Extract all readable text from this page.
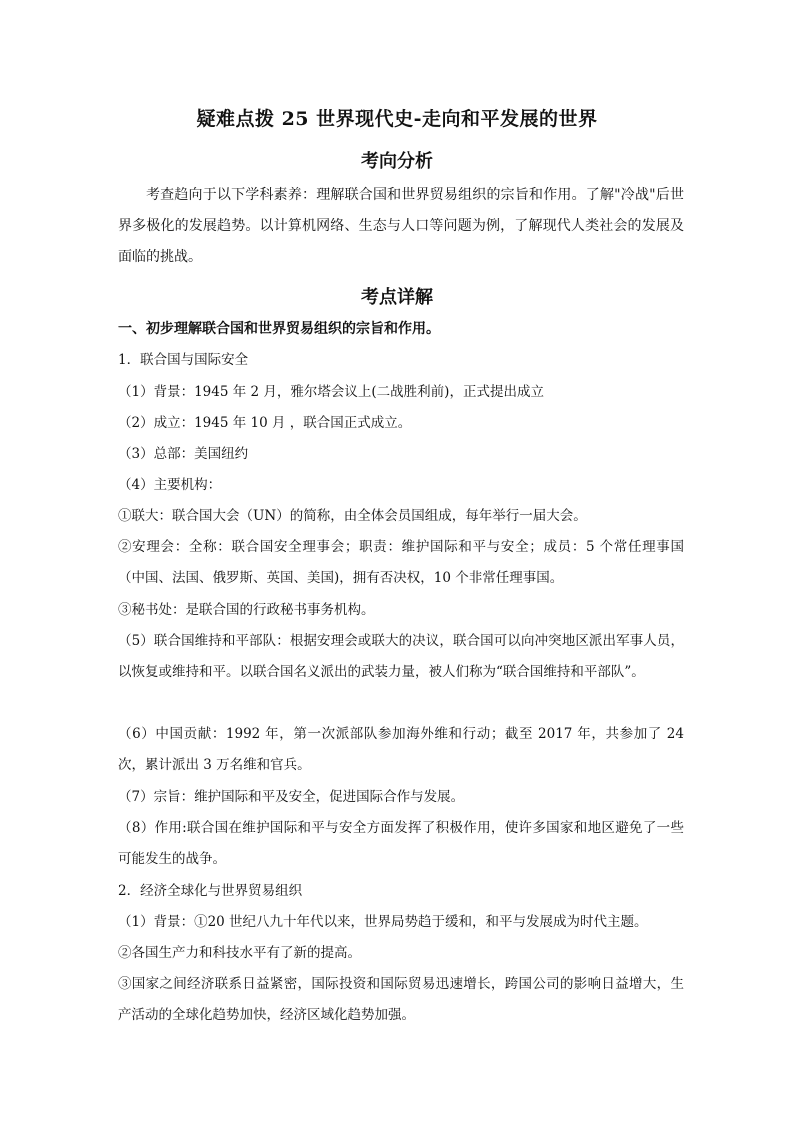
疑难点拨 25 世界现代史-走向和平发展的世界
考向分析
考查趋向于以下学科素养：理解联合国和世界贸易组织的宗旨和作用。了解"冷战"后世界多极化的发展趋势。以计算机网络、生态与人口等问题为例，了解现代人类社会的发展及面临的挑战。
考点详解
一、初步理解联合国和世界贸易组织的宗旨和作用。
1．联合国与国际安全
（1）背景：1945 年 2 月，雅尔塔会议上(二战胜利前)，正式提出成立
（2）成立：1945 年 10 月 ，联合国正式成立。
（3）总部：美国纽约
（4）主要机构：
①联大：联合国大会（UN）的简称，由全体会员国组成，每年举行一届大会。
②安理会：全称：联合国安全理事会；职责：维护国际和平与安全；成员：5 个常任理事国（中国、法国、俄罗斯、英国、美国)，拥有否决权，10 个非常任理事国。
③秘书处：是联合国的行政秘书事务机构。
（5）联合国维持和平部队：根据安理会或联大的决议，联合国可以向冲突地区派出军事人员，以恢复或维持和平。以联合国名义派出的武装力量，被人们称为“联合国维持和平部队”。
（6）中国贡献：1992 年，第一次派部队参加海外维和行动；截至 2017 年，共参加了 24 次，累计派出 3 万名维和官兵。
（7）宗旨：维护国际和平及安全，促进国际合作与发展。
（8）作用:联合国在维护国际和平与安全方面发挥了积极作用，使许多国家和地区避免了一些可能发生的战争。
2．经济全球化与世界贸易组织
（1）背景：①20 世纪八九十年代以来，世界局势趋于缓和，和平与发展成为时代主题。
②各国生产力和科技水平有了新的提高。
③国家之间经济联系日益紧密，国际投资和国际贸易迅速增长，跨国公司的影响日益增大，生产活动的全球化趋势加快，经济区域化趋势加强。
